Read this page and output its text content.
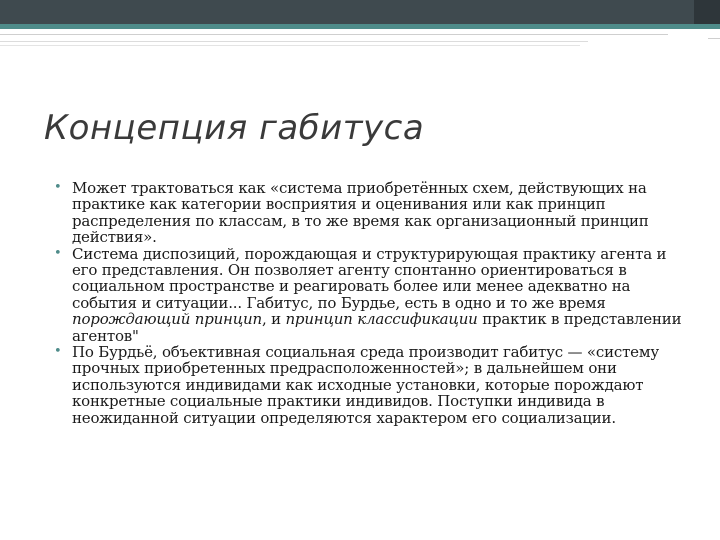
Концепция габитуса
• Может трактоваться как «система приобретённых схем, действующих на практике как категории восприятия и оценивания или как принцип распределения по классам, в то же время как организационный принцип действия».
• Система диспозиций, порождающая и структурирующая практику агента и его представления. Он позволяет агенту спонтанно ориентироваться в социальном пространстве и реагировать более или менее адекватно на события и ситуации... Габитус, по Бурдье, есть в одно и то же время порождающий принцип, и принцип классификации практик в представлении агентов"
• По Бурдьё, объективная социальная среда производит габитус — «систему прочных приобретенных предрасположенностей»; в дальнейшем они используются индивидами как исходные установки, которые порождают конкретные социальные практики индивидов. Поступки индивида в неожиданной ситуации определяются характером его социализации.
